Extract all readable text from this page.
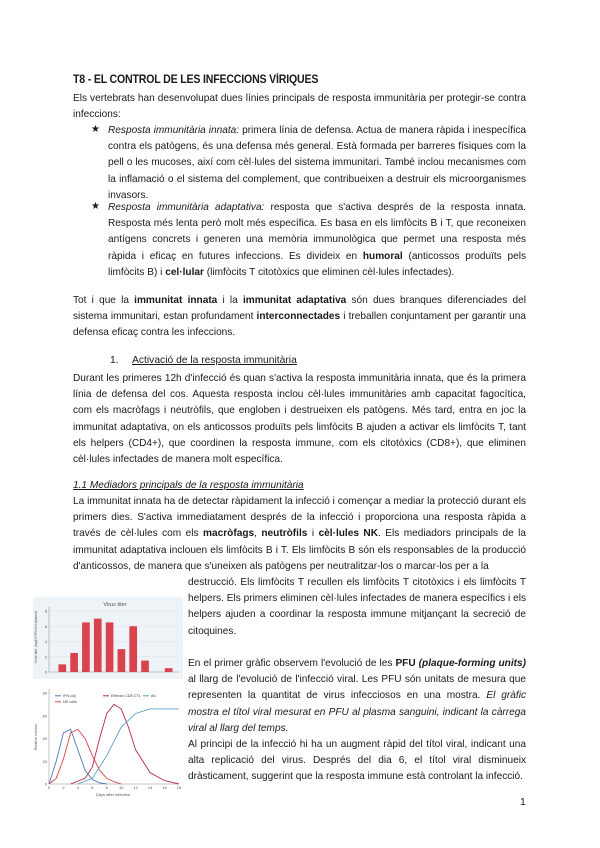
T8 - EL CONTROL DE LES INFECCIONS VÍRIQUES

Els vertebrats han desenvolupat dues línies principals de resposta immunitària per protegir-se contra infeccions:

★ Resposta immunitària innata: primera línia de defensa. Actua de manera ràpida i inespecífica contra els patògens, és una defensa més general. Està formada per barreres físiques com la pell o les mucoses, així com cèl·lules del sistema immunitari. També inclou mecanismes com la inflamació o el sistema del complement, que contribueixen a destruir els microorganismes invasors.

★ Resposta immunitària adaptativa: resposta que s'activa després de la resposta innata. Resposta més lenta però molt més específica. Es basa en els limfòcits B i T, que reconeixen antígens concrets i generen una memòria immunològica que permet una resposta més ràpida i eficaç en futures infeccions. Es divideix en humoral (anticossos produïts pels limfòcits B) i cel·lular (limfòcits T citotòxics que eliminen cèl·lules infectades).

Tot i que la immunitat innata i la immunitat adaptativa són dues branques diferenciades del sistema immunitari, estan profundament interconnectades i treballen conjuntament per garantir una defensa eficaç contra les infeccions.

1. Activació de la resposta immunitària

Durant les primeres 12h d'infecció és quan s'activa la resposta immunitària innata, que és la primera línia de defensa del cos. Aquesta resposta inclou cèl·lules immunitàries amb capacitat fagocítica, com els macròfags i neutròfils, que engloben i destrueixen els patògens. Més tard, entra en joc la immunitat adaptativa, on els anticossos produïts pels limfòcits B ajuden a activar els limfòcits T, tant els helpers (CD4+), que coordinen la resposta immune, com els citotòxics (CD8+), que eliminen cèl·lules infectades de manera molt específica.

1.1 Mediadors principals de la resposta immunitària

La immunitat innata ha de detectar ràpidament la infecció i començar a mediar la protecció durant els primers dies. S'activa immediatament després de la infecció i proporciona una resposta ràpida a través de cèl·lules com els macròfags, neutròfils i cèl·lules NK. Els mediadors principals de la immunitat adaptativa inclouen els limfòcits B i T. Els limfòcits B són els responsables de la producció d'anticossos, de manera que s'uneixen als patògens per neutralitzar-los o marcar-los per a la

destrucció. Els limfòcits T recullen els limfòcits T citotòxics i els limfòcits T helpers. Els primers eliminen cèl·lules infectades de manera específics i els helpers ajuden a coordinar la resposta immune mitjançant la secreció de citoquines.

En el primer gràfic observem l'evolució de les PFU (plaque-forming units) al llarg de l'evolució de l'infecció viral. Les PFU són unitats de mesura que representen la quantitat de virus infecciosos en una mostra. El gràfic mostra el títol viral mesurat en PFU al plasma sanguini, indicant la càrrega viral al llarg del temps.

Al principi de la infecció hi ha un augment ràpid del títol viral, indicant una alta replicació del virus. Després del dia 6, el títol viral disminueix dràsticament, suggerint que la resposta immune està controlant la infecció.

1
Virus titer
Virus titer (log10 PFU/ml plasma)
0
2
4
6
8
Relative number
Days after infection
0
20
40
60
80
0	2	4	6	8	10 12 14 16 18
IFN-α/β
NK cells
Effector CD8 CTL	Ab
